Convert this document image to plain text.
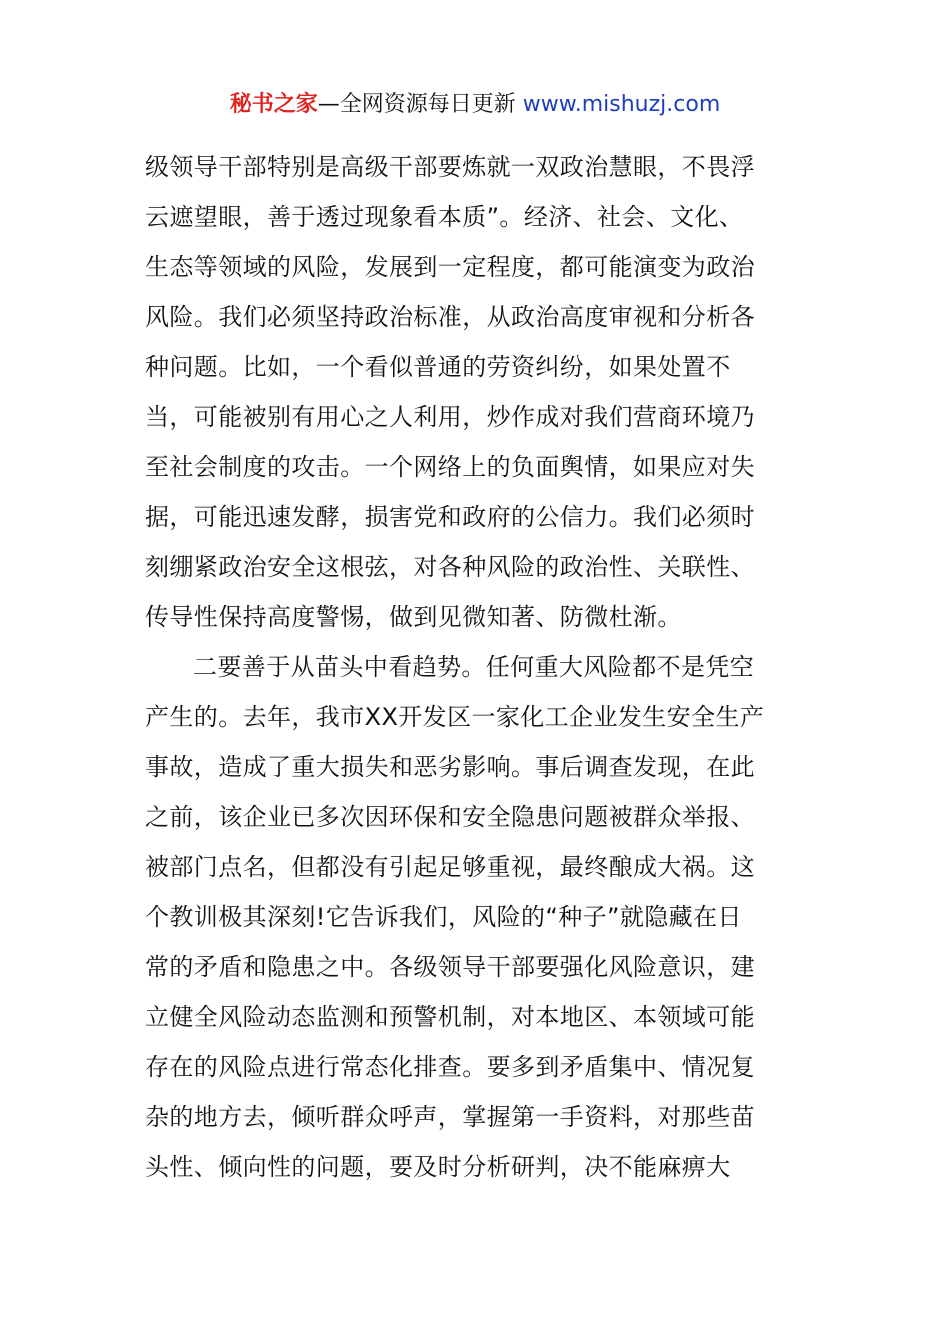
秘书之家—全网资源每日更新 www.mishuzj.com
级领导干部特别是高级干部要炼就一双政治慧眼，不畏浮
云遮望眼，善于透过现象看本质”。经济、社会、文化、
生态等领域的风险，发展到一定程度，都可能演变为政治
风险。我们必须坚持政治标准，从政治高度审视和分析各
种问题。比如，一个看似普通的劳资纠纷，如果处置不
当，可能被别有用心之人利用，炒作成对我们营商环境乃
至社会制度的攻击。一个网络上的负面舆情，如果应对失
据，可能迅速发酵，损害党和政府的公信力。我们必须时
刻绷紧政治安全这根弦，对各种风险的政治性、关联性、
传导性保持高度警惕，做到见微知著、防微杜渐。
二要善于从苗头中看趋势。任何重大风险都不是凭空
产生的。去年，我市XX开发区一家化工企业发生安全生产
事故，造成了重大损失和恶劣影响。事后调查发现，在此
之前，该企业已多次因环保和安全隐患问题被群众举报、
被部门点名，但都没有引起足够重视，最终酿成大祸。这
个教训极其深刻!它告诉我们，风险的“种子”就隐藏在日
常的矛盾和隐患之中。各级领导干部要强化风险意识，建
立健全风险动态监测和预警机制，对本地区、本领域可能
存在的风险点进行常态化排查。要多到矛盾集中、情况复
杂的地方去，倾听群众呼声，掌握第一手资料，对那些苗
头性、倾向性的问题，要及时分析研判，决不能麻痹大
